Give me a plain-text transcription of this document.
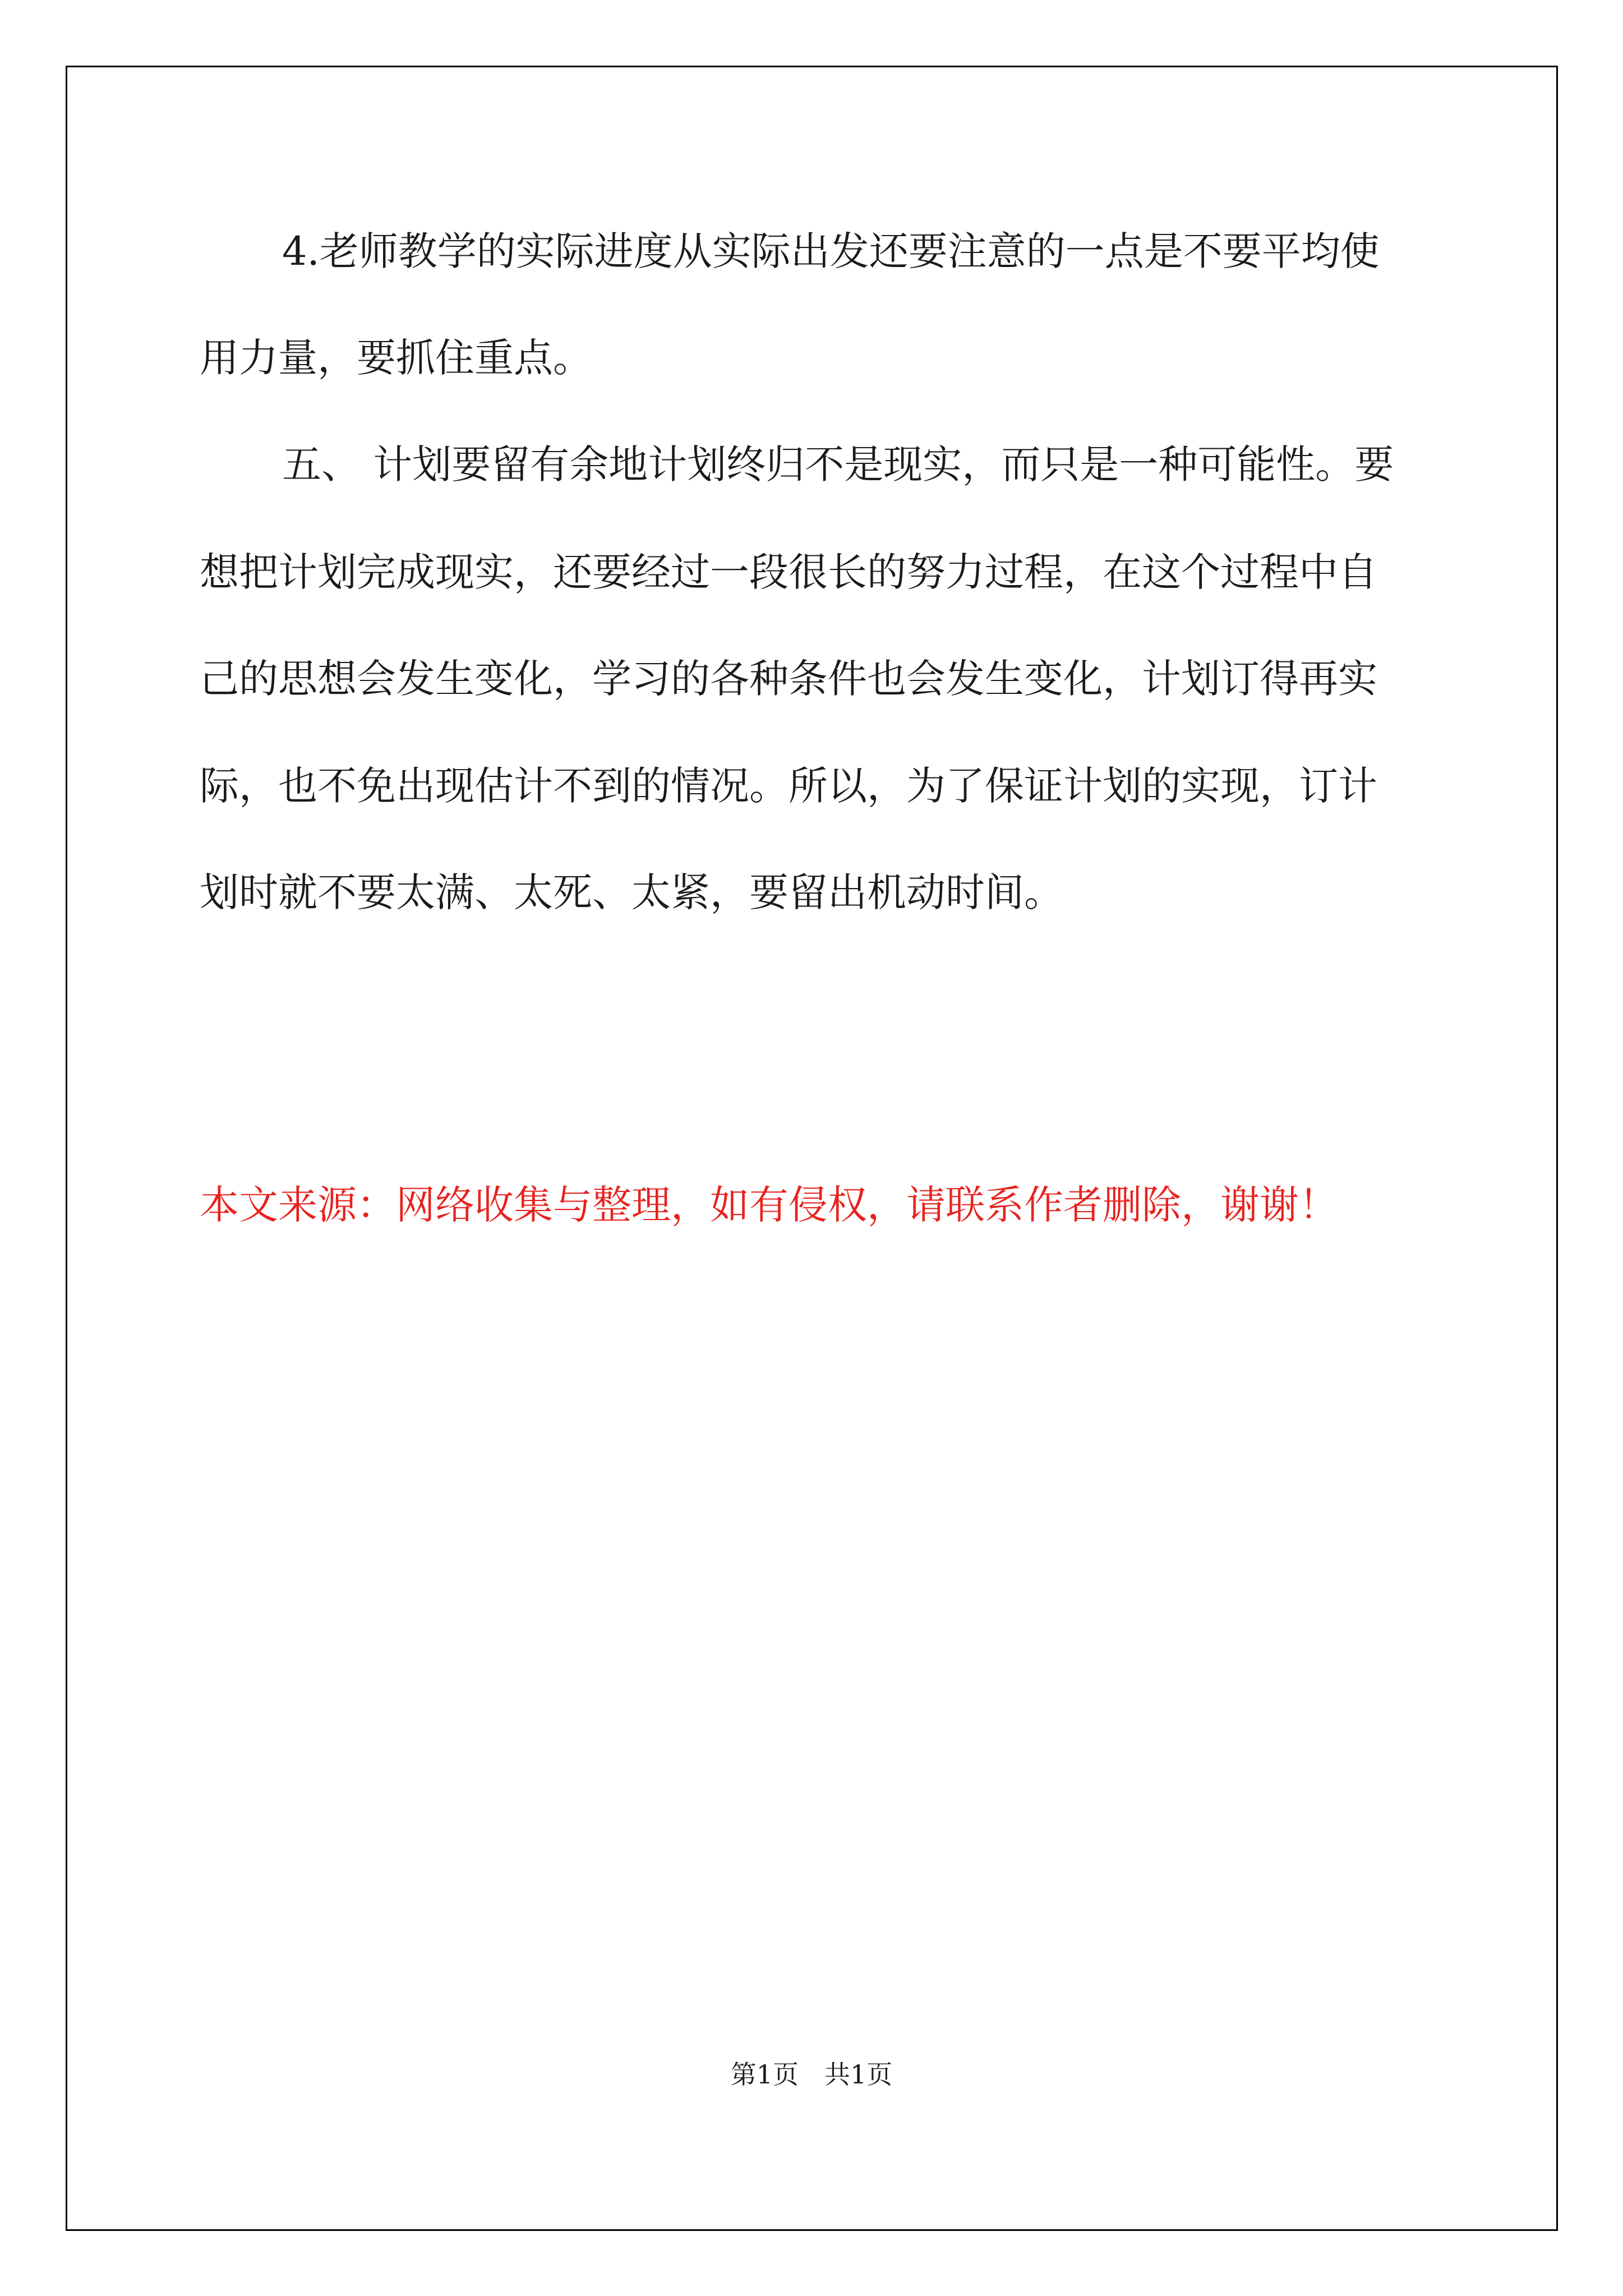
4.老师教学的实际进度从实际出发还要注意的一点是不要平均使
用力量，要抓住重点。
五、 计划要留有余地计划终归不是现实，而只是一种可能性。要
想把计划完成现实，还要经过一段很长的努力过程，在这个过程中自
己的思想会发生变化，学习的各种条件也会发生变化，计划订得再实
际，也不免出现估计不到的情况。所以，为了保证计划的实现，订计
划时就不要太满、太死、太紧，要留出机动时间。
本文来源：网络收集与整理，如有侵权，请联系作者删除，谢谢！
第1页　共1页
